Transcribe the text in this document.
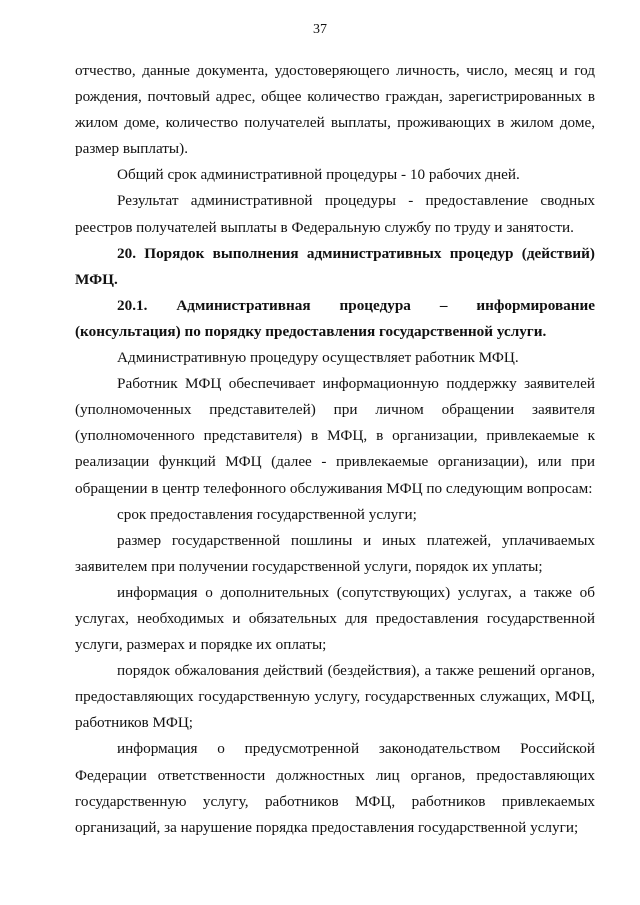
37

отчество, данные документа, удостоверяющего личность, число, месяц и год рождения, почтовый адрес, общее количество граждан, зарегистрированных в жилом доме, количество получателей выплаты, проживающих в жилом доме, размер выплаты).

Общий срок административной процедуры - 10 рабочих дней.

Результат административной процедуры - предоставление сводных реестров получателей выплаты в Федеральную службу по труду и занятости.

20. Порядок выполнения административных процедур (действий) МФЦ.

20.1. Административная процедура – информирование (консультация) по порядку предоставления государственной услуги.

Административную процедуру осуществляет работник МФЦ.

Работник МФЦ обеспечивает информационную поддержку заявителей (уполномоченных представителей) при личном обращении заявителя (уполномоченного представителя) в МФЦ, в организации, привлекаемые к реализации функций МФЦ (далее - привлекаемые организации), или при обращении в центр телефонного обслуживания МФЦ по следующим вопросам:

срок предоставления государственной услуги;

размер государственной пошлины и иных платежей, уплачиваемых заявителем при получении государственной услуги, порядок их уплаты;

информация о дополнительных (сопутствующих) услугах, а также об услугах, необходимых и обязательных для предоставления государственной услуги, размерах и порядке их оплаты;

порядок обжалования действий (бездействия), а также решений органов, предоставляющих государственную услугу, государственных служащих, МФЦ, работников МФЦ;

информация о предусмотренной законодательством Российской Федерации ответственности должностных лиц органов, предоставляющих государственную услугу, работников МФЦ, работников привлекаемых организаций, за нарушение порядка предоставления государственной услуги;
